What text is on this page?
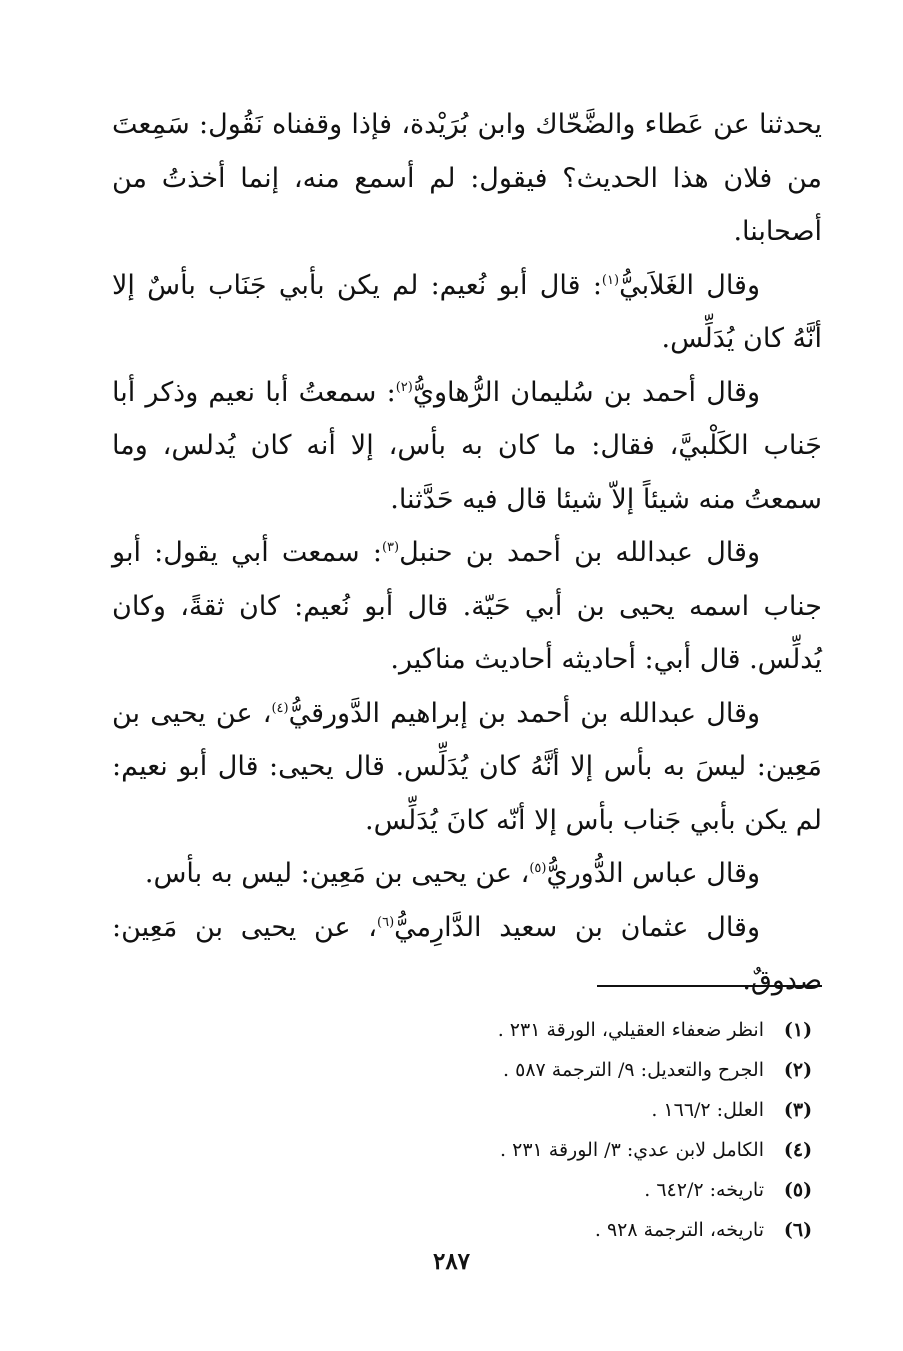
يحدثنا عن عَطاء والضَّحّاك وابن بُرَيْدة، فإذا وقفناه نَقُول: سَمِعتَ من فلان هذا الحديث؟ فيقول: لم أسمع منه، إنما أخذتُ من أصحابنا.

وقال الغَلاَبيُّ$^{(١)}$: قال أبو نُعيم: لم يكن بأبي جَنَاب بأسٌ إلا أنَّهُ كان يُدَلِّس.

وقال أحمد بن سُليمان الرُّهاويُّ$^{(٢)}$: سمعتُ أبا نعيم وذكر أبا جَناب الكَلْبيَّ، فقال: ما كان به بأس، إلا أنه كان يُدلس، وما سمعتُ منه شيئاً إلاّ شيئا قال فيه حَدَّثنا.

وقال عبدالله بن أحمد بن حنبل$^{(٣)}$: سمعت أبي يقول: أبو جناب اسمه يحيى بن أبي حَيّة. قال أبو نُعيم: كان ثقةً، وكان يُدلِّس. قال أبي: أحاديثه أحاديث مناكير.

وقال عبدالله بن أحمد بن إبراهيم الدَّورقيُّ$^{(٤)}$، عن يحيى بن مَعِين: ليسَ به بأس إلا أنَّهُ كان يُدَلِّس. قال يحيى: قال أبو نعيم: لم يكن بأبي جَناب بأس إلا أنّه كانَ يُدَلِّس.

وقال عباس الدُّوريُّ$^{(٥)}$، عن يحيى بن مَعِين: ليس به بأس.

وقال عثمان بن سعيد الدَّارِميُّ$^{(٦)}$، عن يحيى بن مَعِين: صدوقٌ.

(١)انظر ضعفاء العقيلي، الورقة ٢٣١ .
(٢)الجرح والتعديل: ٩/ الترجمة ٥٨٧ .
(٣)العلل: ١٦٦/٢ .
(٤)الكامل لابن عدي: ٣/ الورقة ٢٣١ .
(٥)تاريخه: ٦٤٢/٢ .
(٦)تاريخه، الترجمة ٩٢٨ .
٢٨٧
